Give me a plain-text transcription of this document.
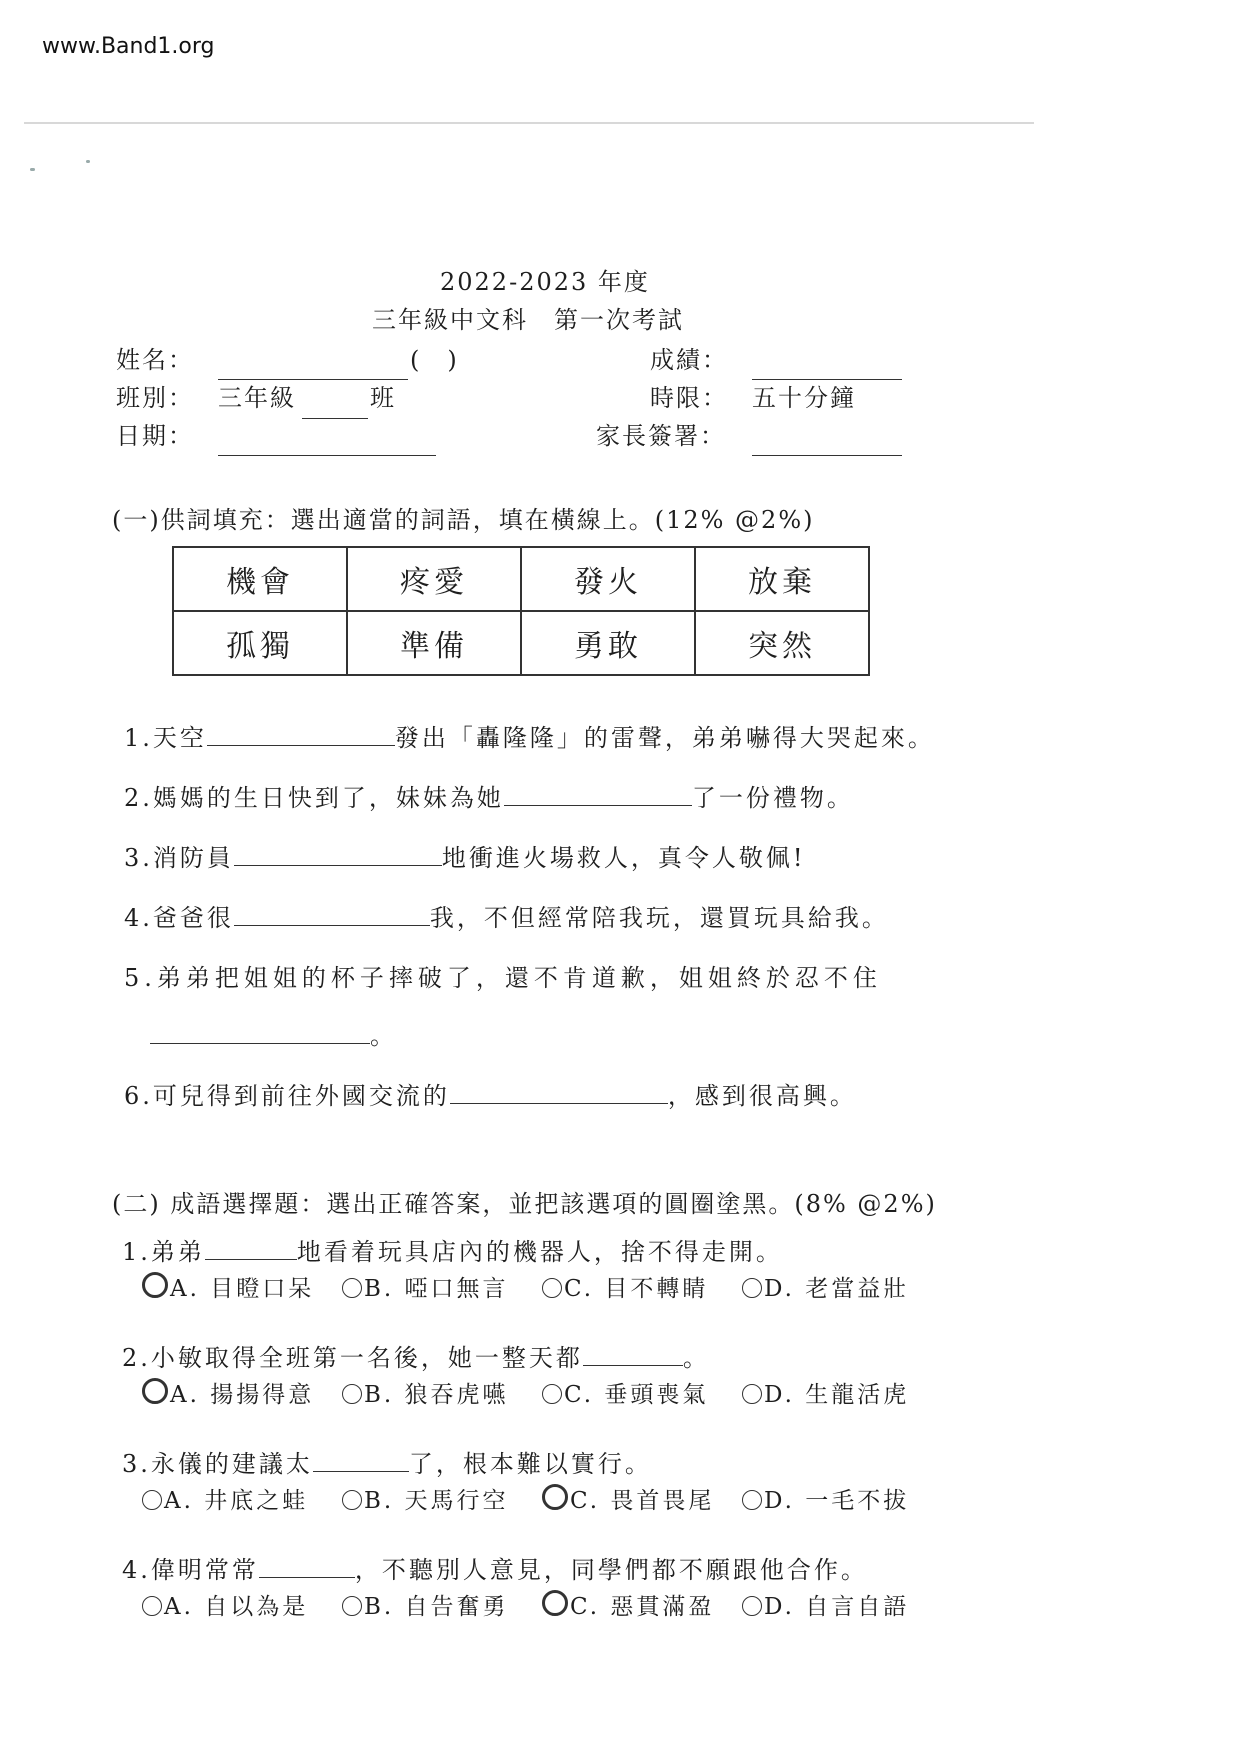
www.Band1.org
2022-2023 年度
三年級中文科　第一次考試
姓名：	(　)	成績：
班別： 三年級	班	時限： 五十分鐘
日期：	家長簽署：
(一)供詞填充：選出適當的詞語，填在橫線上。(12% @2%)
機會	疼愛	發火	放棄
孤獨	準備	勇敢	突然
1.天空	發出「轟隆隆」的雷聲，弟弟嚇得大哭起來。
2.媽媽的生日快到了，妹妹為她	了一份禮物。
3.消防員	地衝進火場救人，真令人敬佩!
4.爸爸很	我，不但經常陪我玩，還買玩具給我。
5.弟弟把姐姐的杯子摔破了，還不肯道歉，姐姐終於忍不住
。
6.可兒得到前往外國交流的	，感到很高興。
(二) 成語選擇題：選出正確答案，並把該選項的圓圈塗黑。(8% @2%)
1.弟弟	地看着玩具店內的機器人，捨不得走開。
A. 目瞪口呆 B. 啞口無言 C. 目不轉睛 D. 老當益壯
2.小敏取得全班第一名後，她一整天都	。
A. 揚揚得意 B. 狼吞虎嚥 C. 垂頭喪氣 D. 生龍活虎
3.永儀的建議太	了，根本難以實行。
A. 井底之蛙 B. 天馬行空	C. 畏首畏尾 D. 一毛不拔
4.偉明常常	，不聽別人意見，同學們都不願跟他合作。
A. 自以為是 B. 自告奮勇	C. 惡貫滿盈 D. 自言自語
